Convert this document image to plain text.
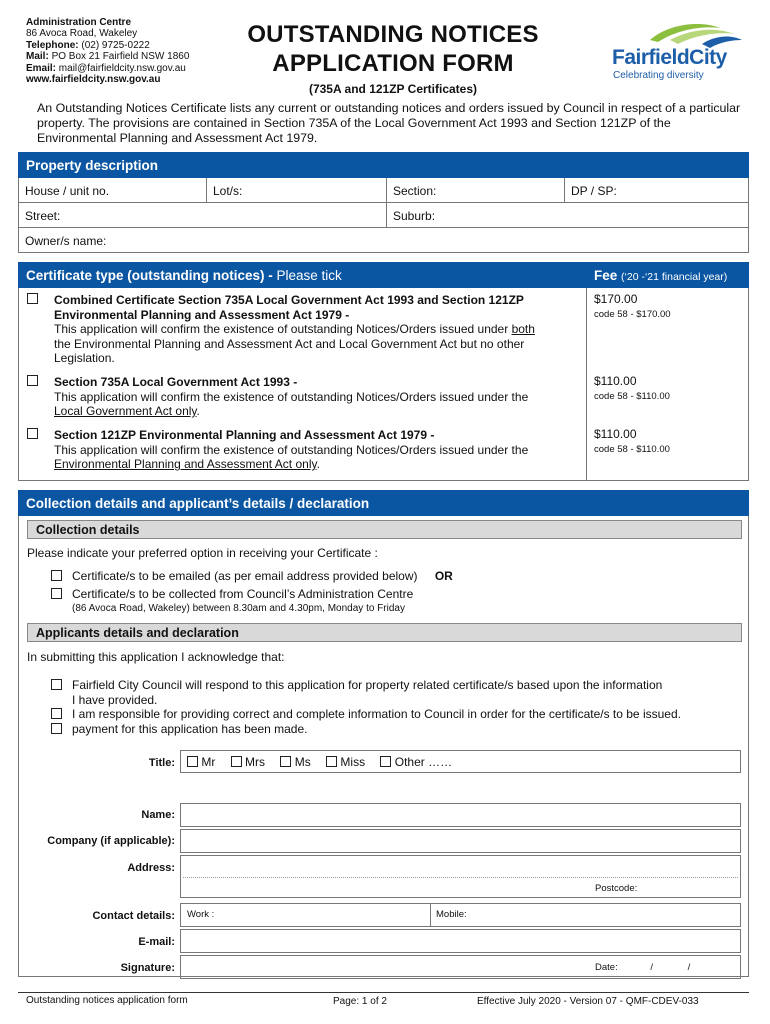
Administration Centre
86 Avoca Road, Wakeley
Telephone: (02) 9725-0222
Mail: PO Box 21 Fairfield NSW 1860
Email: mail@fairfieldcity.nsw.gov.au
www.fairfieldcity.nsw.gov.au
OUTSTANDING NOTICES
APPLICATION FORM
(735A and 121ZP Certificates)
FairfieldCity
Celebrating diversity
An Outstanding Notices Certificate lists any current or outstanding notices and orders issued by Council in respect of a particular property. The provisions are contained in Section 735A of the Local Government Act 1993 and Section 121ZP of the Environmental Planning and Assessment Act 1979.
Property description
House / unit no.	Lot/s:	Section:	DP / SP:
Street:	Suburb:
Owner/s name:
Certificate type (outstanding notices) - Please tick	Fee (‘20 -‘21 financial year)
Combined Certificate Section 735A Local Government Act 1993 and Section 121ZP
Environmental Planning and Assessment Act 1979 -
This application will confirm the existence of outstanding Notices/Orders issued under both
the Environmental Planning and Assessment Act and Local Government Act but no other
Legislation.
$170.00
code 58 - $170.00
Section 735A Local Government Act 1993 -
This application will confirm the existence of outstanding Notices/Orders issued under the
Local Government Act only.
$110.00
code 58 - $110.00
Section 121ZP Environmental Planning and Assessment Act 1979 -
This application will confirm the existence of outstanding Notices/Orders issued under the
Environmental Planning and Assessment Act only.
$110.00
code 58 - $110.00
Collection details and applicant’s details / declaration
Collection details
Please indicate your preferred option in receiving your Certificate :
Certificate/s to be emailed (as per email address provided below) OR
Certificate/s to be collected from Council’s Administration Centre
(86 Avoca Road, Wakeley) between 8.30am and 4.30pm, Monday to Friday
Applicants details and declaration
In submitting this application I acknowledge that:
Fairfield City Council will respond to this application for property related certificate/s based upon the information
I have provided.
I am responsible for providing correct and complete information to Council in order for the certificate/s to be issued.
payment for this application has been made.
Title:	Mr Mrs Ms Miss Other ……
Name:
Company (if applicable):
Address:
Postcode:
Contact details: Work :	Mobile:
E-mail:
Signature:	Date:	/	/
Outstanding notices application form	Page: 1 of 2	Effective July 2020 - Version 07 - QMF-CDEV-033
